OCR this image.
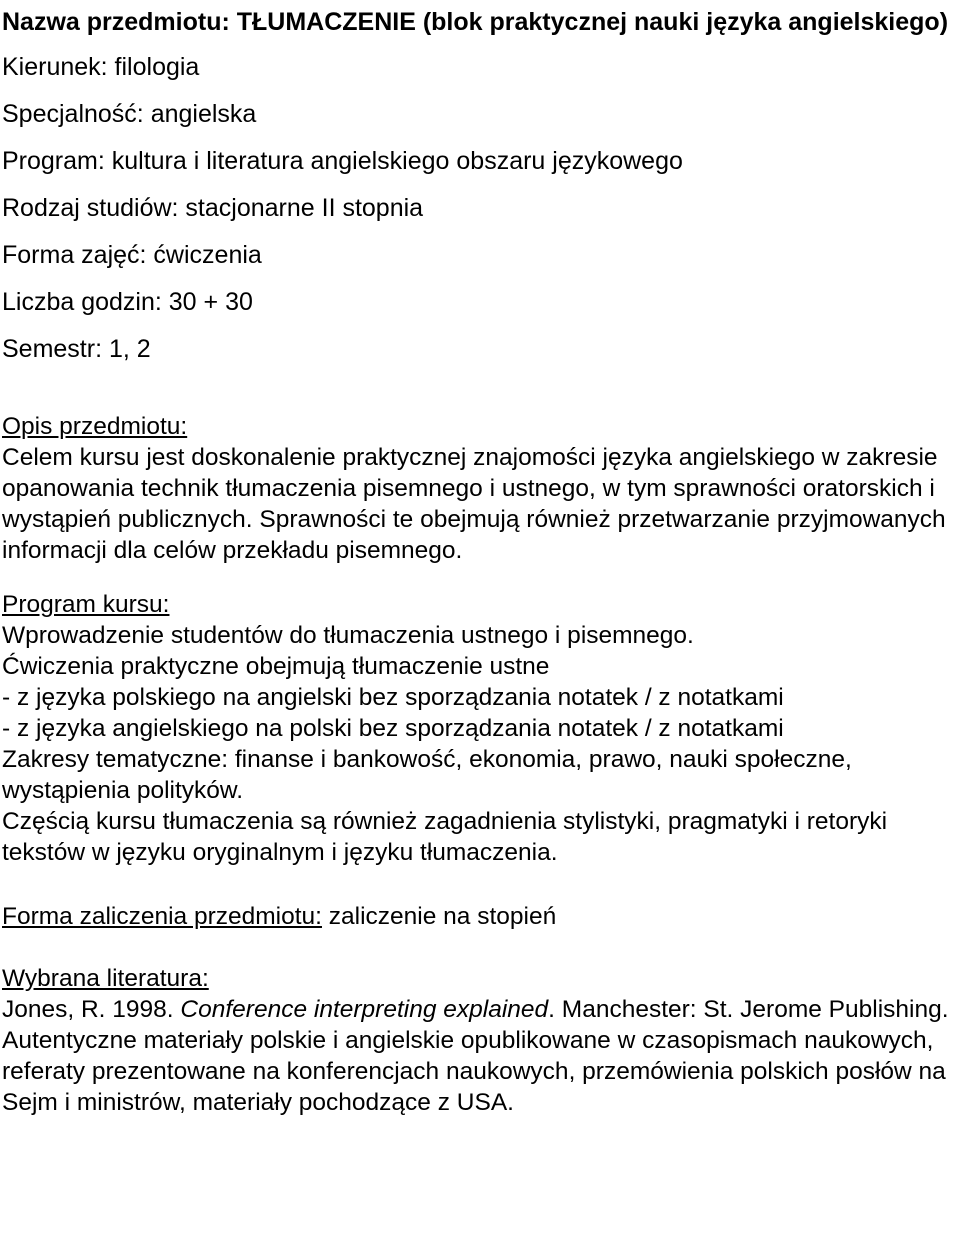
Nazwa przedmiotu: TŁUMACZENIE (blok praktycznej nauki języka angielskiego)

Kierunek: filologia
Specjalność: angielska
Program: kultura i literatura angielskiego obszaru językowego
Rodzaj studiów: stacjonarne II stopnia
Forma zajęć: ćwiczenia
Liczba godzin: 30 + 30
Semestr: 1, 2

Opis przedmiotu:

Celem kursu jest doskonalenie praktycznej znajomości języka angielskiego w zakresie opanowania technik tłumaczenia pisemnego i ustnego, w tym sprawności oratorskich i wystąpień publicznych. Sprawności te obejmują również przetwarzanie przyjmowanych informacji dla celów przekładu pisemnego.

Program kursu:

Wprowadzenie studentów do tłumaczenia ustnego i pisemnego.

Ćwiczenia praktyczne obejmują tłumaczenie ustne

- z języka polskiego na angielski bez sporządzania notatek / z notatkami

- z języka angielskiego na polski bez sporządzania notatek / z notatkami

Zakresy tematyczne: finanse i bankowość, ekonomia, prawo, nauki społeczne, wystąpienia polityków.

Częścią kursu tłumaczenia są również zagadnienia stylistyki, pragmatyki i retoryki tekstów w języku oryginalnym i języku tłumaczenia.

Forma zaliczenia przedmiotu: zaliczenie na stopień

Wybrana literatura:

Jones, R. 1998. Conference interpreting explained. Manchester: St. Jerome Publishing.

Autentyczne materiały polskie i angielskie opublikowane w czasopismach naukowych, referaty prezentowane na konferencjach naukowych, przemówienia polskich posłów na Sejm i ministrów, materiały pochodzące z USA.
